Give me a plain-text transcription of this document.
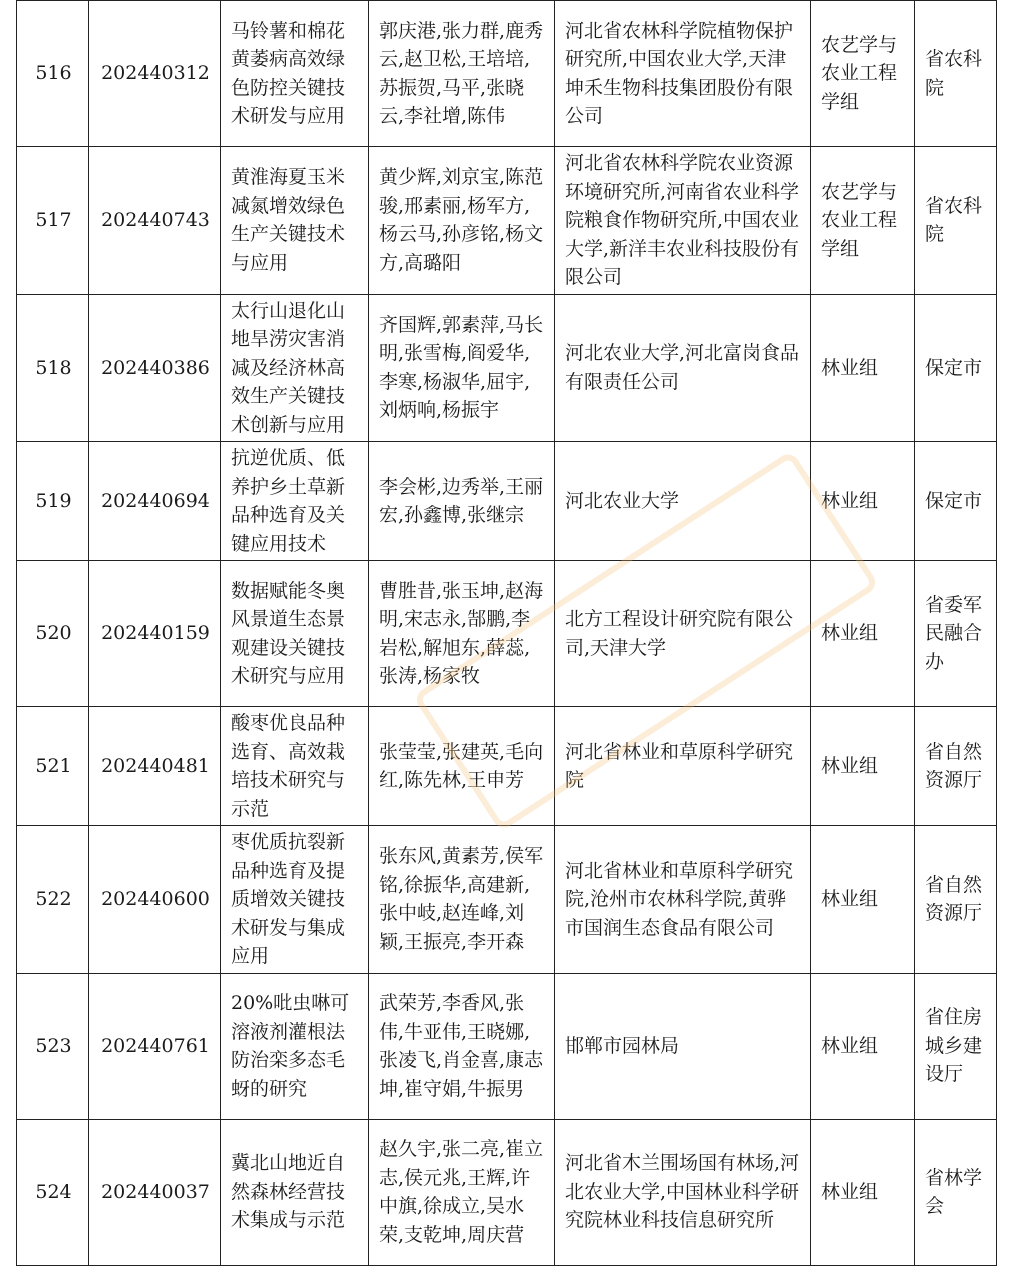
516	202440312	马铃薯和棉花黄萎病高效绿色防控关键技术研发与应用	郭庆港,张力群,鹿秀云,赵卫松,王培培,苏振贺,马平,张晓云,李社增,陈伟	河北省农林科学院植物保护研究所,中国农业大学,天津坤禾生物科技集团股份有限公司	农艺学与农业工程学组	省农科院
517	202440743	黄淮海夏玉米减氮增效绿色生产关键技术与应用	黄少辉,刘京宝,陈范骏,邢素丽,杨军方,杨云马,孙彦铭,杨文方,高璐阳	河北省农林科学院农业资源环境研究所,河南省农业科学院粮食作物研究所,中国农业大学,新洋丰农业科技股份有限公司	农艺学与农业工程学组	省农科院
518	202440386	太行山退化山地旱涝灾害消减及经济林高效生产关键技术创新与应用	齐国辉,郭素萍,马长明,张雪梅,阎爱华,李寒,杨淑华,屈宇,刘炳响,杨振宇	河北农业大学,河北富岗食品有限责任公司	林业组	保定市
519	202440694	抗逆优质、低养护乡土草新品种选育及关键应用技术	李会彬,边秀举,王丽宏,孙鑫博,张继宗	河北农业大学	林业组	保定市
520	202440159	数据赋能冬奥风景道生态景观建设关键技术研究与应用	曹胜昔,张玉坤,赵海明,宋志永,郜鹏,李岩松,解旭东,薛蕊,张涛,杨家牧	北方工程设计研究院有限公司,天津大学	林业组	省委军民融合办
521	202440481	酸枣优良品种选育、高效栽培技术研究与示范	张莹莹,张建英,毛向红,陈先林,王申芳	河北省林业和草原科学研究院	林业组	省自然资源厅
522	202440600	枣优质抗裂新品种选育及提质增效关键技术研发与集成应用	张东风,黄素芳,侯军铭,徐振华,高建新,张中岐,赵连峰,刘颖,王振亮,李开森	河北省林业和草原科学研究院,沧州市农林科学院,黄骅市国润生态食品有限公司	林业组	省自然资源厅
523	202440761	20%吡虫啉可溶液剂灌根法防治栾多态毛蚜的研究	武荣芳,李香风,张伟,牛亚伟,王晓娜,张凌飞,肖金喜,康志坤,崔守娟,牛振男	邯郸市园林局	林业组	省住房城乡建设厅
524	202440037	冀北山地近自然森林经营技术集成与示范	赵久宇,张二亮,崔立志,侯元兆,王辉,许中旗,徐成立,吴水荣,支乾坤,周庆营	河北省木兰围场国有林场,河北农业大学,中国林业科学研究院林业科技信息研究所	林业组	省林学会
